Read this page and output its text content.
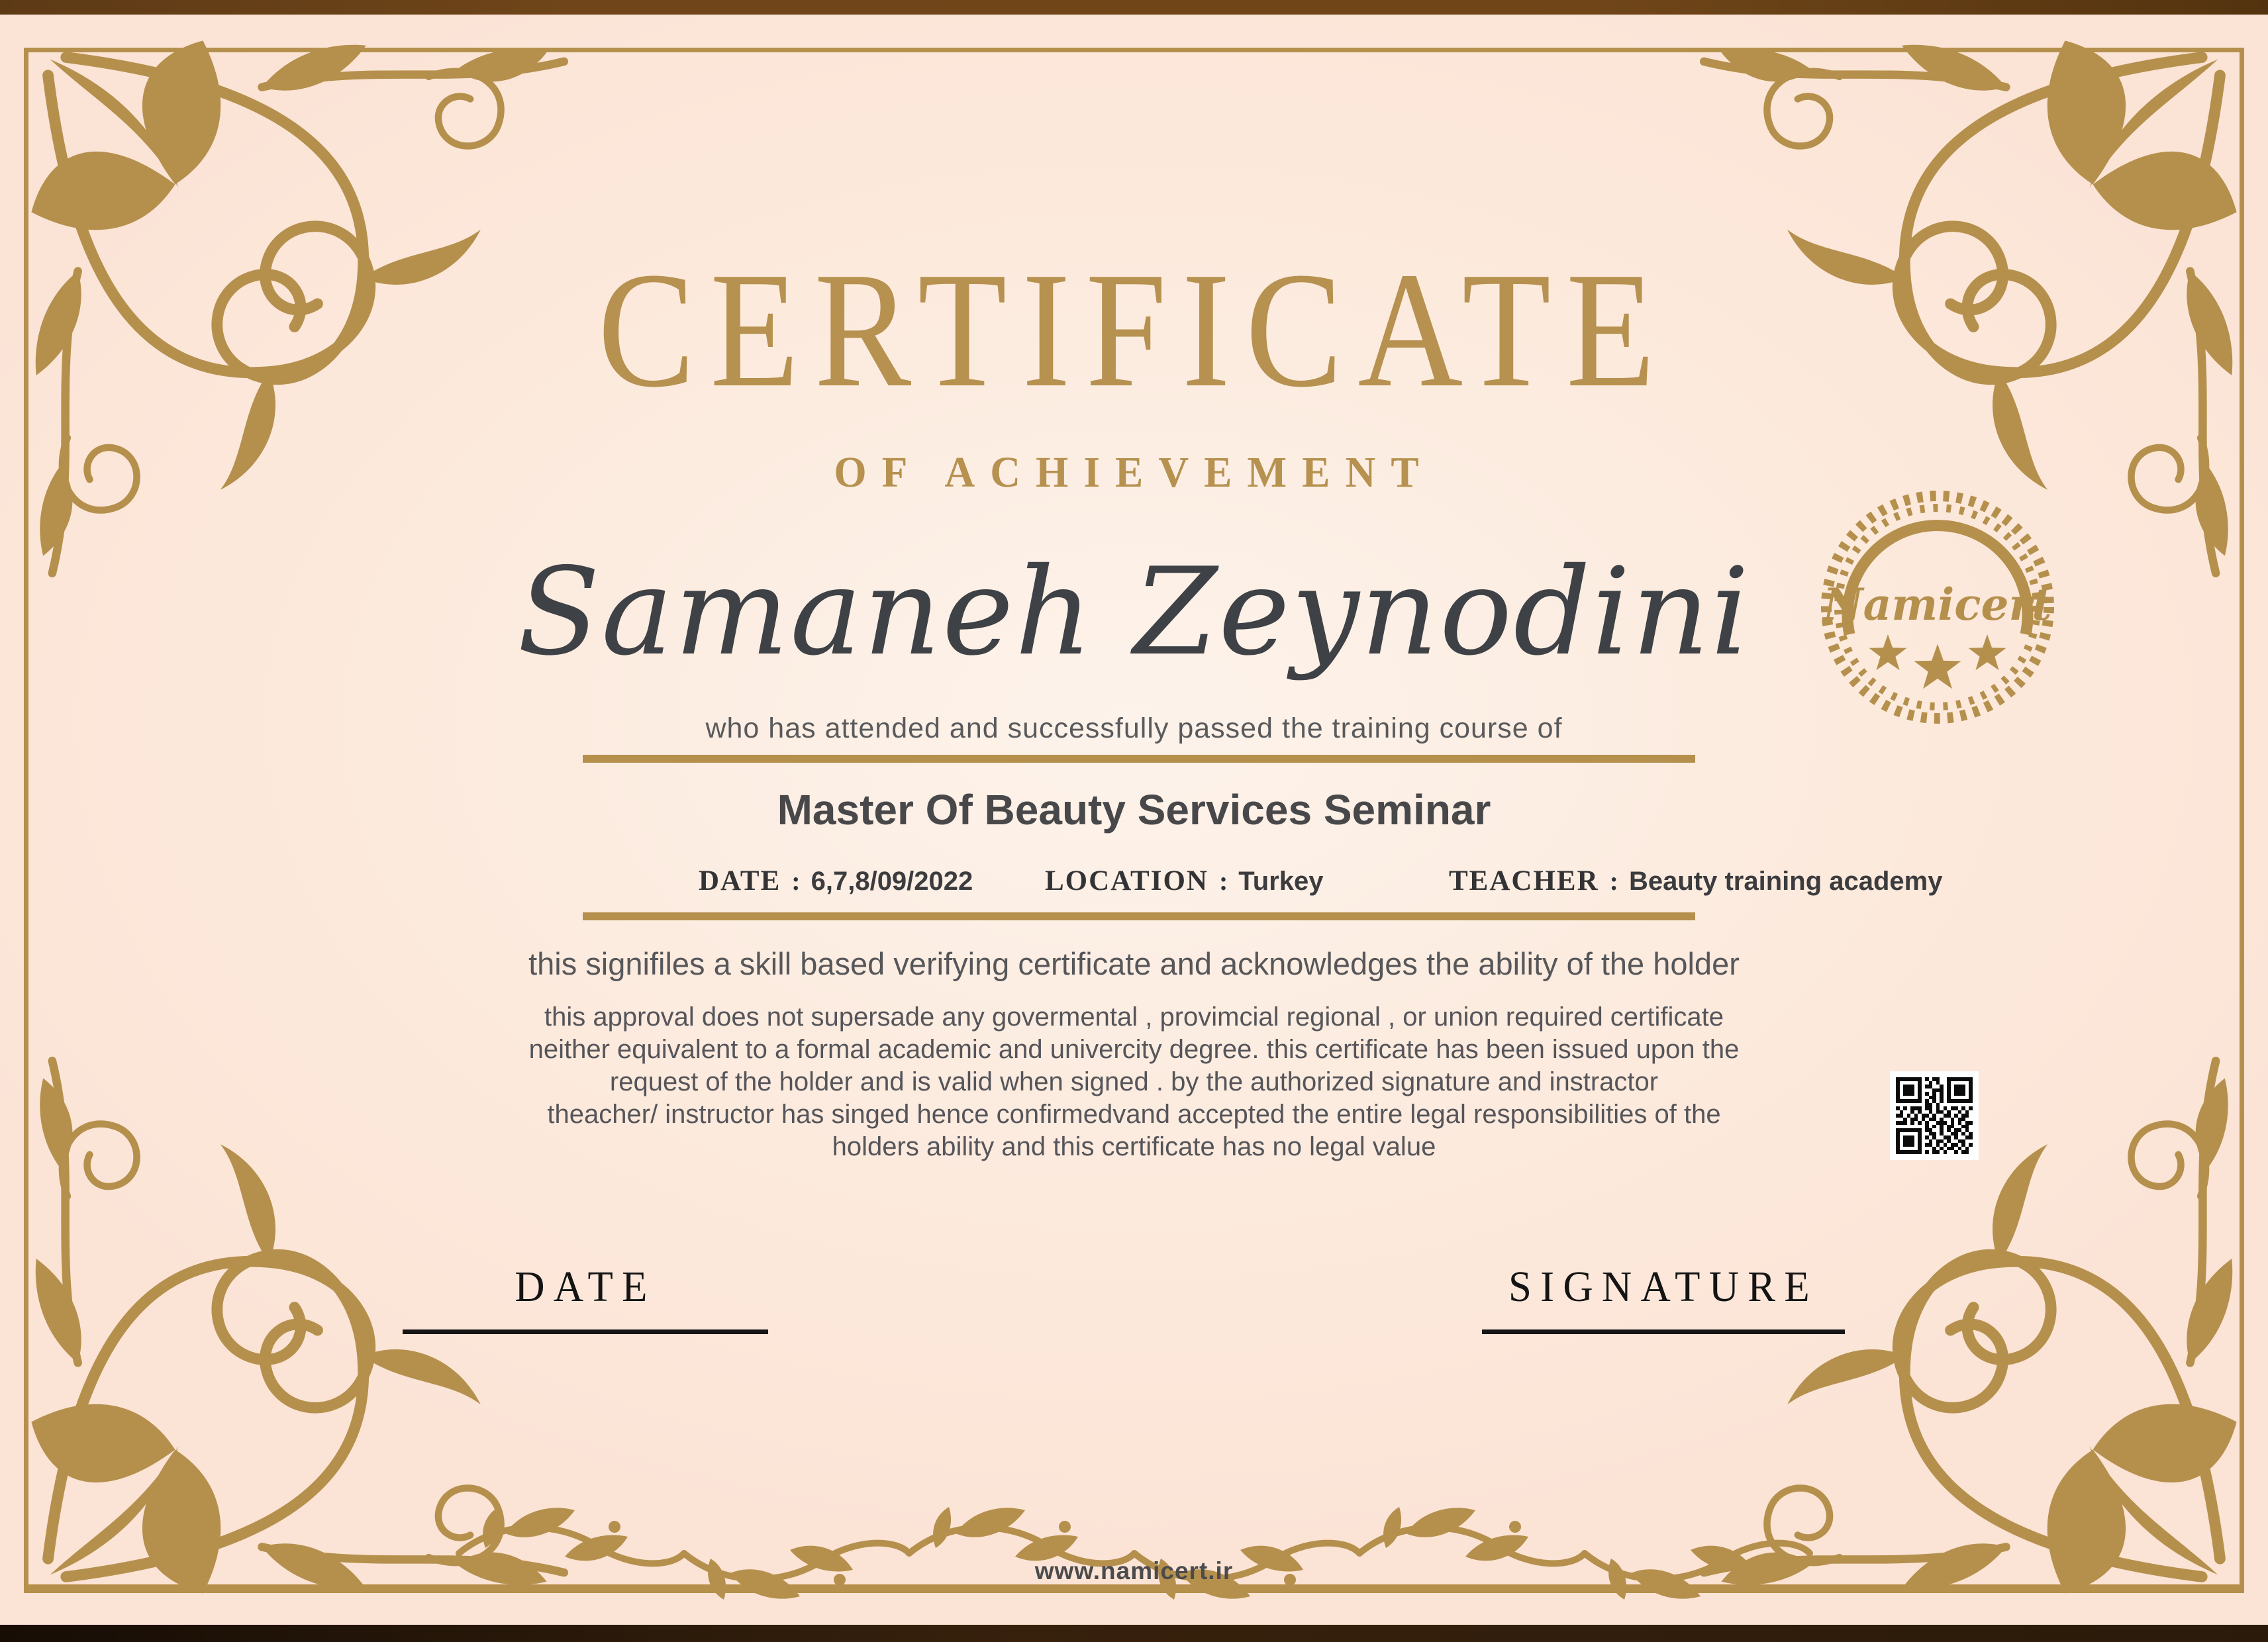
Namicert
CERTIFICATE
OF ACHIEVEMENT
Samaneh Zeynodini
who has attended and successfully passed the training course of
Master Of Beauty Services Seminar
DATE : 6,7,8/09/2022	LOCATION : Turkey	TEACHER : Beauty training academy
this signifiles a skill based verifying certificate and acknowledges the ability of the holder
this approval does not supersade any govermental , provimcial regional , or union required certificate
neither equivalent to a formal academic and univercity degree. this certificate has been issued upon the
request of the holder and is valid when signed . by the authorized signature and instractor
theacher/ instructor has singed hence confirmedvand accepted the entire legal responsibilities of the
holders ability and this certificate has no legal value
DATE	SIGNATURE
www.namicert.ir
